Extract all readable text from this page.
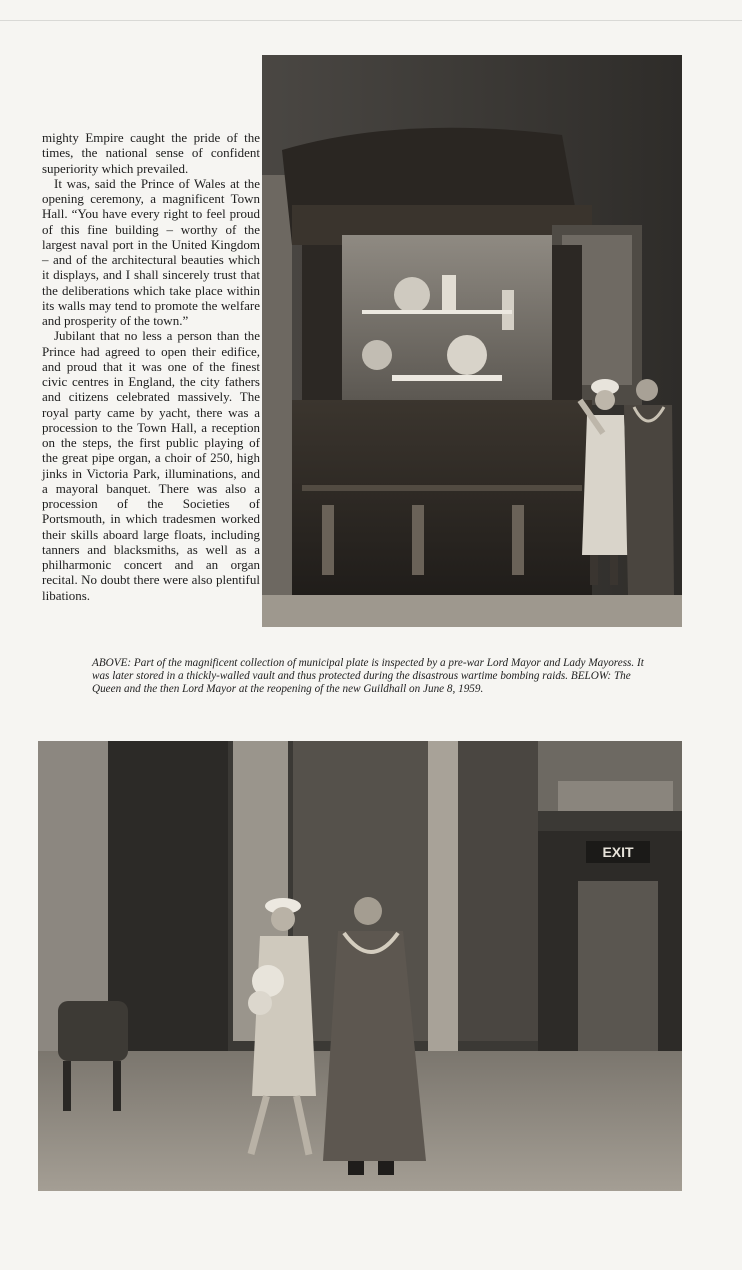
mighty Empire caught the pride of the times, the national sense of confident superiority which prevailed.

It was, said the Prince of Wales at the opening ceremony, a magnificent Town Hall. “You have every right to feel proud of this fine building – worthy of the largest naval port in the United Kingdom – and of the architectural beauties which it displays, and I shall sincerely trust that the deliberations which take place within its walls may tend to promote the welfare and prosperity of the town.”

Jubilant that no less a person than the Prince had agreed to open their edifice, and proud that it was one of the finest civic centres in England, the city fathers and citizens celebrated massively. The royal party came by yacht, there was a procession to the Town Hall, a reception on the steps, the first public playing of the great pipe organ, a choir of 250, high jinks in Victoria Park, illuminations, and a mayoral banquet. There was also a procession of the Societies of Portsmouth, in which tradesmen worked their skills aboard large floats, including tanners and blacksmiths, as well as a philharmonic concert and an organ recital. No doubt there were also plentiful libations.

ABOVE: Part of the magnificent collection of municipal plate is inspected by a pre-war Lord Mayor and Lady Mayoress. It was later stored in a thickly-walled vault and thus protected during the disastrous wartime bombing raids. BELOW: The Queen and the then Lord Mayor at the reopening of the new Guildhall on June 8, 1959.

EXIT
